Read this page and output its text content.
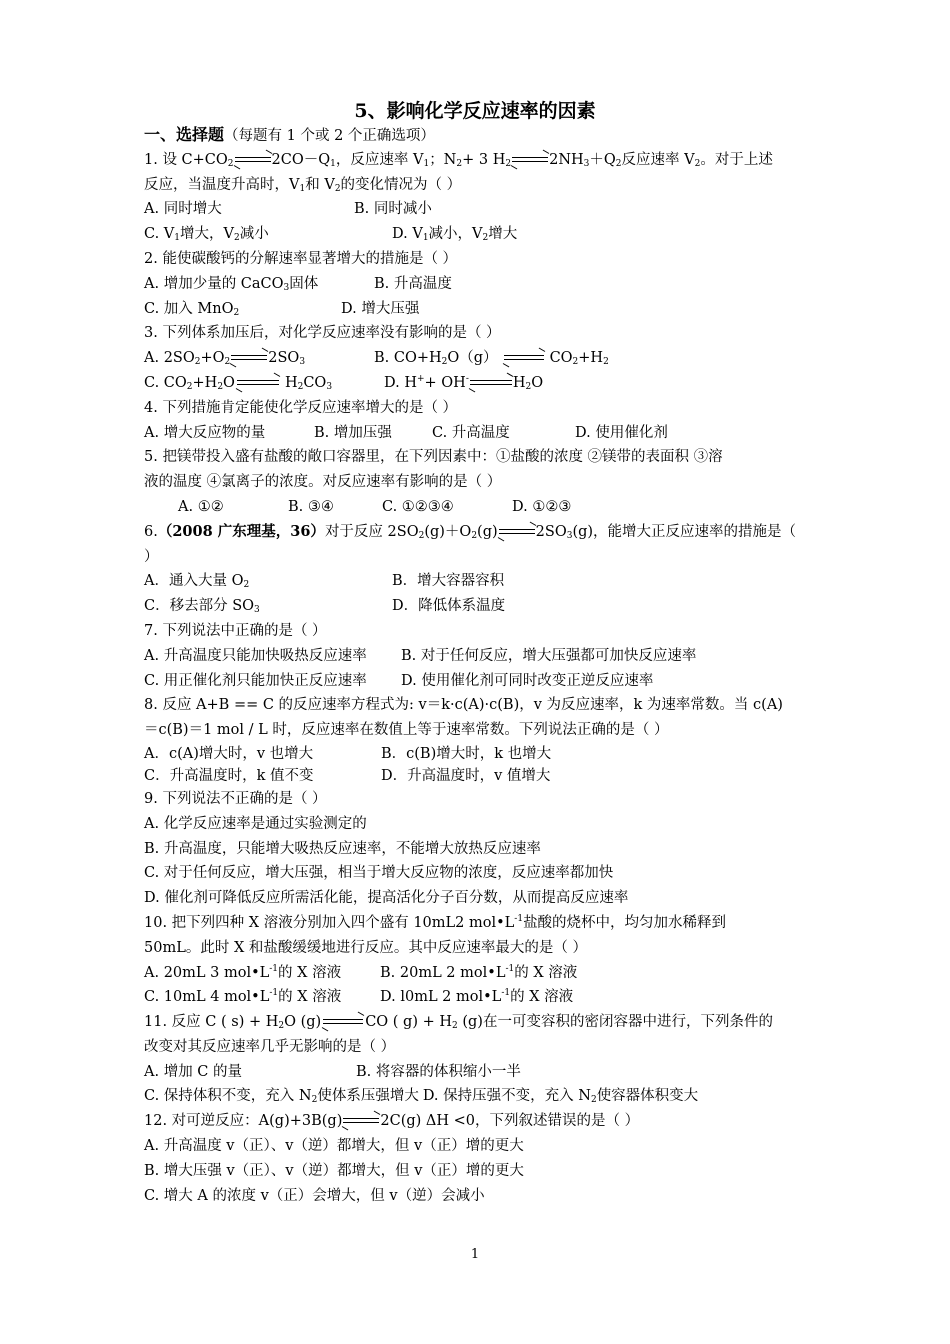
5、影响化学反应速率的因素
一、选择题（每题有 1 个或 2 个正确选项）
1. 设 $C+CO_2$	$2CO-Q_1$，反应速率 $V_1$；$N_2+ 3$ $H_2$	$2NH_3+Q_2$反应速率 $V_2$。对于上述
反应，当温度升高时，$V_1$和 $V_2$的变化情况为（ ）
A. 同时增大	B. 同时减小
C. $V_1$增大，$V_2$减小	D. $V_1$减小，$V_2$增大
2. 能使碳酸钙的分解速率显著增大的措施是（ ）
A. 增加少量的 CaCO$_3$固体	B. 升高温度
C. 加入 MnO$_2$	D. 增大压强
3. 下列体系加压后，对化学反应速率没有影响的是（ ）
A. $2SO_2+O_2$	$2SO_3$	B. $CO+H_2O(g)$	$CO_2+H_2$
C. $CO_2+H_2O$	$H_2CO_3$	D. H++ OH-	$H_2O$
4. 下列措施肯定能使化学反应速率增大的是（ ）
A. 增大反应物的量	B. 增加压强	C. 升高温度	D. 使用催化剂
5. 把镁带投入盛有盐酸的敞口容器里，在下列因素中：①盐酸的浓度 ②镁带的表面积 ③溶
液的温度 ④氯离子的浓度。对反应速率有影响的是（ ）
A. ①②	B. ③④	C. ①②③④	D. ①②③
6.（2008 广东理基，36）对于反应 $2SO_2(g)+O_2(g)$	$2SO_3(g)$，能增大正反应速率的措施是（
）
A．通入大量 $O_2$	B．增大容器容积
C．移去部分 $SO_3$	D．降低体系温度
7. 下列说法中正确的是（ ）
A. 升高温度只能加快吸热反应速率	B. 对于任何反应，增大压强都可加快反应速率
C. 用正催化剂只能加快正反应速率	D. 使用催化剂可同时改变正逆反应速率
8. 反应 A+B == C 的反应速率方程式为: v＝k·c(A)·c(B)，v 为反应速率，k 为速率常数。当 c(A)
＝c(B)＝1 mol / L 时，反应速率在数值上等于速率常数。下列说法正确的是（ ）
A．c(A)增大时，v 也增大	B．c(B)增大时，k 也增大
C．升高温度时，k 值不变	D．升高温度时，v 值增大
9. 下列说法不正确的是（ ）
A. 化学反应速率是通过实验测定的
B. 升高温度，只能增大吸热反应速率，不能增大放热反应速率
C. 对于任何反应，增大压强，相当于增大反应物的浓度，反应速率都加快
D. 催化剂可降低反应所需活化能，提高活化分子百分数，从而提高反应速率
10. 把下列四种 X 溶液分别加入四个盛有 10mL2 $mol•L^{-1}$盐酸的烧杯中，均匀加水稀释到
50mL。此时 X 和盐酸缓缓地进行反应。其中反应速率最大的是（ ）
A. 20mL 3 $mol•L^{-1}$的 X 溶液	B. 20mL 2 $mol•L^{-1}$的 X 溶液
C. 10mL 4 $mol•L^{-1}$的 X 溶液	D. l0mL 2 $mol•L^{-1}$的 X 溶液
11. 反应 C ( $s) + H_2O$ (g)	CO ( $g) + H_2$ (g)在一可变容积的密闭容器中进行，下列条件的
改变对其反应速率几乎无影响的是（ ）
A. 增加 C 的量	B. 将容器的体积缩小一半
C. 保持体积不变，充入 $N_2$使体系压强增大 D. 保持压强不变，充入 $N_2$使容器体积变大
12. 对可逆反应：A(g)+3B(g)	2C(g) ΔH <0，下列叙述错误的是（ ）
A. 升高温度 v（正）、v（逆）都增大，但 v（正）增的更大
B. 增大压强 v（正）、v（逆）都增大，但 v（正）增的更大
C. 增大 A 的浓度 v（正）会增大，但 v（逆）会减小
1
